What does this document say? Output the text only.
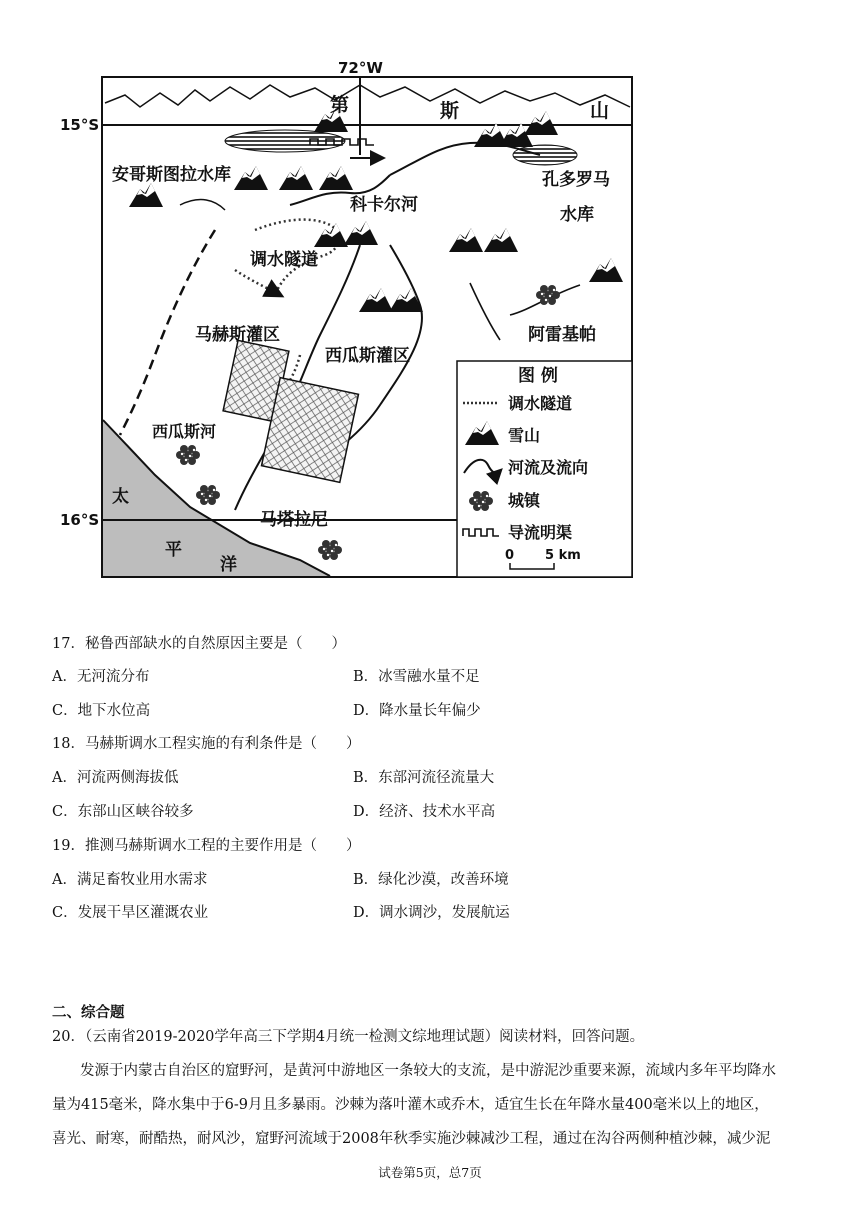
72°W
15°S
16°S
第	斯	山
安哥斯图拉水库	孔多罗马
水库
科卡尔河
调水隧道
马赫斯灌区
西瓜斯灌区
西瓜斯河
阿雷基帕
马塔拉尼
太
平
洋
图 例
调水隧道
雪山
河流及流向
城镇
导流明渠
0 5 km
17．秘鲁西部缺水的自然原因主要是（　　）
A．无河流分布	B．冰雪融水量不足
C．地下水位高	D．降水量长年偏少
18．马赫斯调水工程实施的有利条件是（　　）
A．河流两侧海拔低	B．东部河流径流量大
C．东部山区峡谷较多	D．经济、技术水平高
19．推测马赫斯调水工程的主要作用是（　　）
A．满足畜牧业用水需求	B．绿化沙漠，改善环境
C．发展干旱区灌溉农业	D．调水调沙，发展航运
二、综合题
20．（云南省2019-2020学年高三下学期4月统一检测文综地理试题）阅读材料，回答问题。
发源于内蒙古自治区的窟野河，是黄河中游地区一条较大的支流，是中游泥沙重要来源，流域内多年平均降水
量为415毫米，降水集中于6-9月且多暴雨。沙棘为落叶灌木或乔木，适宜生长在年降水量400毫米以上的地区，
喜光、耐寒，耐酷热，耐风沙，窟野河流域于2008年秋季实施沙棘减沙工程，通过在沟谷两侧种植沙棘，减少泥
试卷第5页，总7页
